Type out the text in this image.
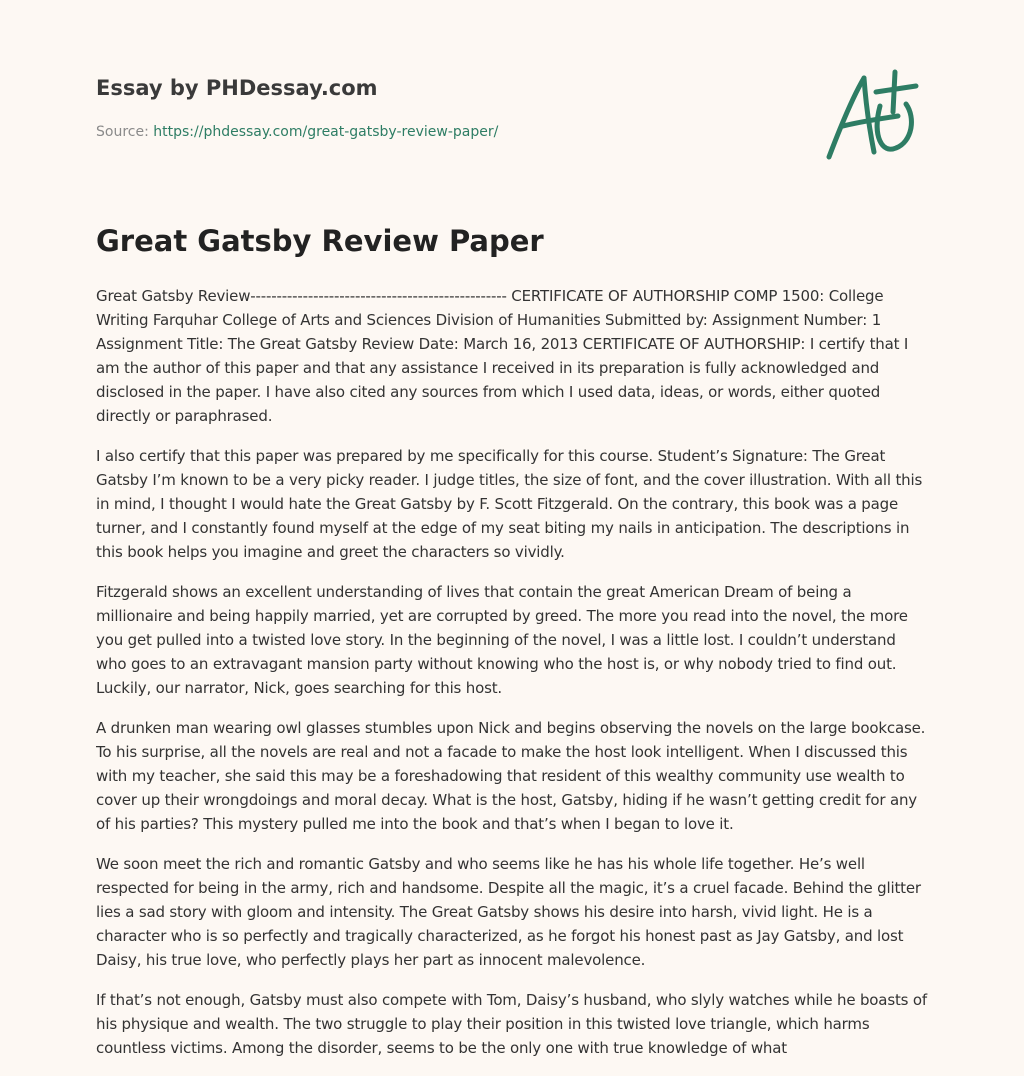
Essay by PHDessay.com
Source: https://phdessay.com/great-gatsby-review-paper/
Great Gatsby Review Paper

Great Gatsby Review------------------------------------------------- CERTIFICATE OF AUTHORSHIP COMP 1500: College Writing Farquhar College of Arts and Sciences Division of Humanities Submitted by: Assignment Number: 1 Assignment Title: The Great Gatsby Review Date: March 16, 2013 CERTIFICATE OF AUTHORSHIP: I certify that I am the author of this paper and that any assistance I received in its preparation is fully acknowledged and disclosed in the paper. I have also cited any sources from which I used data, ideas, or words, either quoted directly or paraphrased.

I also certify that this paper was prepared by me specifically for this course. Student’s Signature: The Great Gatsby I’m known to be a very picky reader. I judge titles, the size of font, and the cover illustration. With all this in mind, I thought I would hate the Great Gatsby by F. Scott Fitzgerald. On the contrary, this book was a page turner, and I constantly found myself at the edge of my seat biting my nails in anticipation. The descriptions in this book helps you imagine and greet the characters so vividly.

Fitzgerald shows an excellent understanding of lives that contain the great American Dream of being a millionaire and being happily married, yet are corrupted by greed. The more you read into the novel, the more you get pulled into a twisted love story. In the beginning of the novel, I was a little lost. I couldn’t understand who goes to an extravagant mansion party without knowing who the host is, or why nobody tried to find out. Luckily, our narrator, Nick, goes searching for this host.

A drunken man wearing owl glasses stumbles upon Nick and begins observing the novels on the large bookcase. To his surprise, all the novels are real and not a facade to make the host look intelligent. When I discussed this with my teacher, she said this may be a foreshadowing that resident of this wealthy community use wealth to cover up their wrongdoings and moral decay. What is the host, Gatsby, hiding if he wasn’t getting credit for any of his parties? This mystery pulled me into the book and that’s when I began to love it.

We soon meet the rich and romantic Gatsby and who seems like he has his whole life together. He’s well respected for being in the army, rich and handsome. Despite all the magic, it’s a cruel facade. Behind the glitter lies a sad story with gloom and intensity. The Great Gatsby shows his desire into harsh, vivid light. He is a character who is so perfectly and tragically characterized, as he forgot his honest past as Jay Gatsby, and lost Daisy, his true love, who perfectly plays her part as innocent malevolence.

If that’s not enough, Gatsby must also compete with Tom, Daisy’s husband, who slyly watches while he boasts of his physique and wealth. The two struggle to play their position in this twisted love triangle, which harms countless victims. Among the disorder, seems to be the only one with true knowledge of what
